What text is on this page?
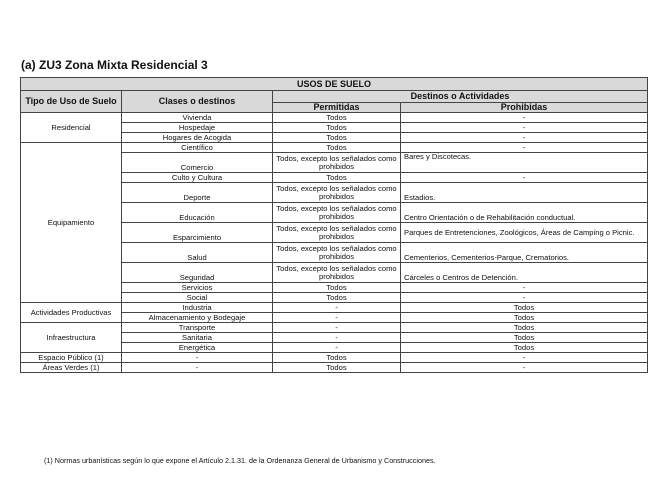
(a) ZU3 Zona Mixta Residencial 3
USOS DE SUELO			
Tipo de Uso de Suelo	Clases o destinos	Destinos o Actividades	
		Permitidas	Prohibidas
Residencial	Vivienda	Todos	-
	Hospedaje	Todos	-
	Hogares de Acogida	Todos	-
Equipamiento	Científico	Todos	-
	Comercio	Todos, excepto los señalados como prohibidos	Bares y Discotecas.
	Culto y Cultura	Todos	-
	Deporte	Todos, excepto los señalados como prohibidos	Estadios.
	Educación	Todos, excepto los señalados como prohibidos	Centro Orientación o de Rehabilitación conductual.
	Esparcimiento	Todos, excepto los señalados como prohibidos	Parques de Entretenciones, Zoológicos, Áreas de Camping o Picnic.
	Salud	Todos, excepto los señalados como prohibidos	Cementerios, Cementerios-Parque, Crematorios.
	Seguridad	Todos, excepto los señalados como prohibidos	Cárceles o Centros de Detención.
	Servicios	Todos	-
	Social	Todos	-
Actividades Productivas	Industria	-	Todos
	Almacenamiento y Bodegaje	-	Todos
Infraestructura	Transporte	-	Todos
	Sanitaria	-	Todos
	Energética	-	Todos
Espacio Público (1)	-	Todos	-
Áreas Verdes (1)	-	Todos	-
(1) Normas urbanísticas según lo que expone el Artículo 2.1.31. de la Ordenanza General de Urbanismo y Construcciones.
